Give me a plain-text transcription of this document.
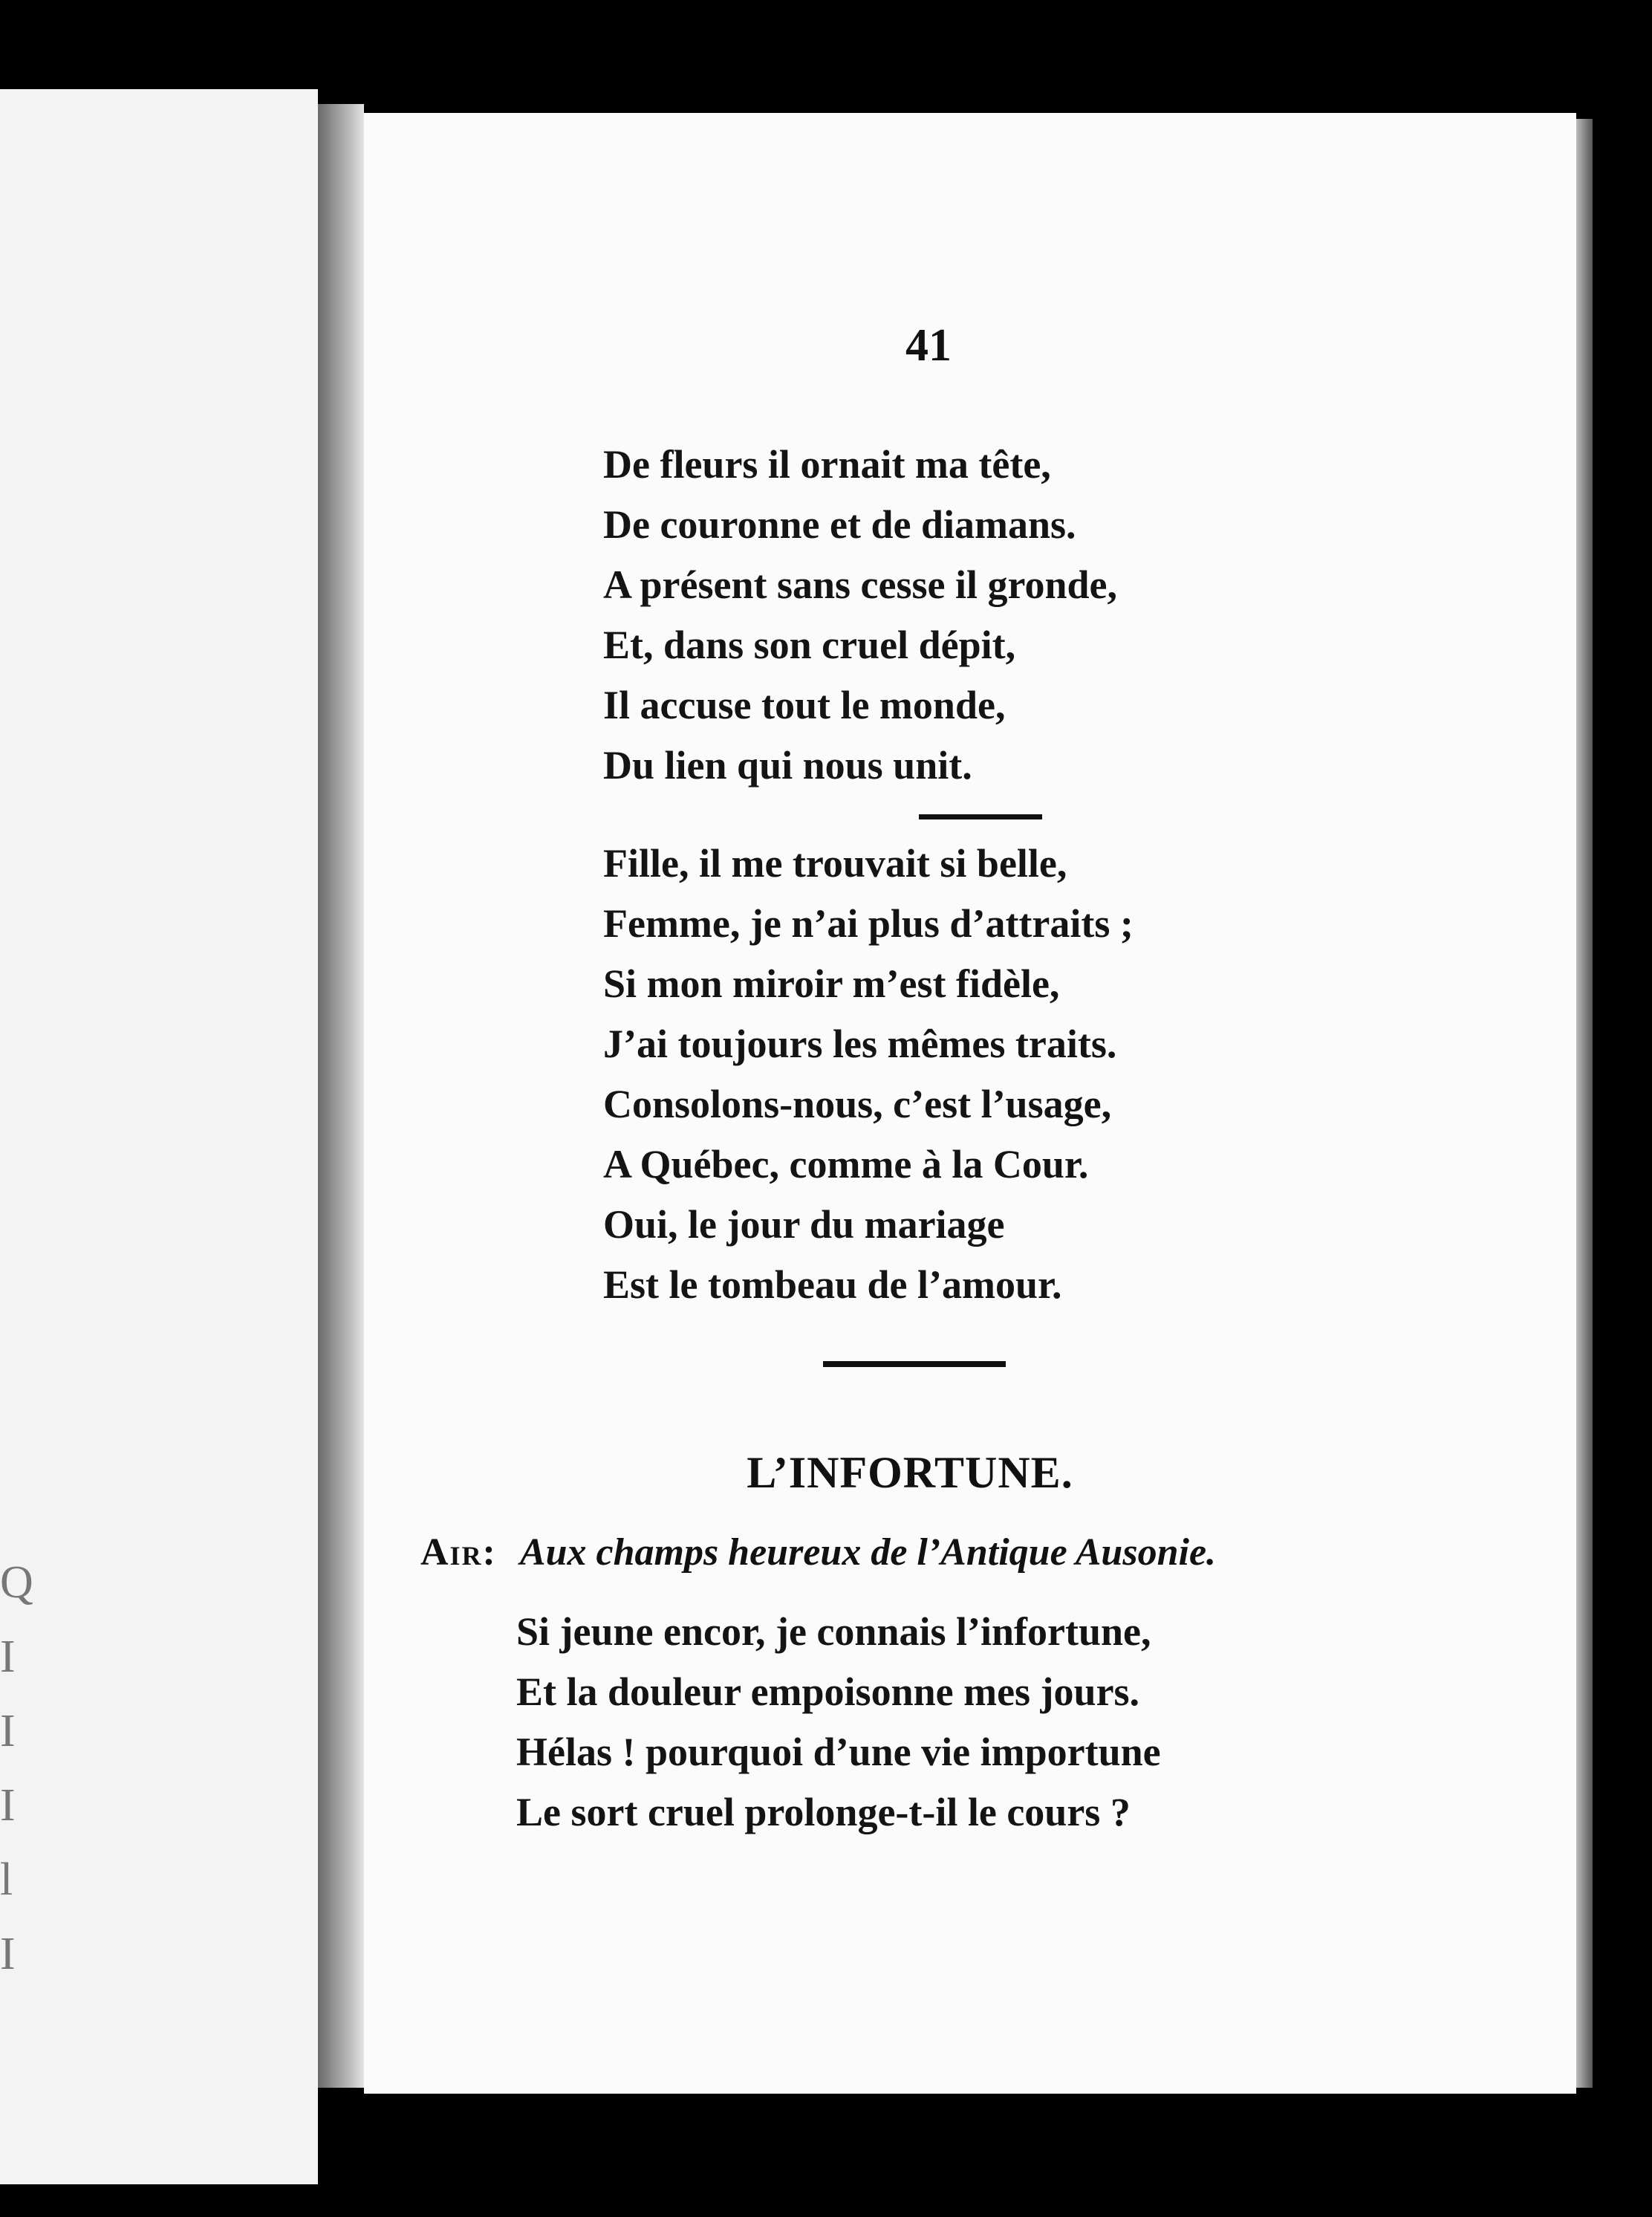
Q
I
I
I
l
I
41
De fleurs il ornait ma tête,
De couronne et de diamans.
A présent sans cesse il gronde,
Et, dans son cruel dépit,
Il accuse tout le monde,
Du lien qui nous unit.
Fille, il me trouvait si belle,
Femme, je n’ai plus d’attraits ;
Si mon miroir m’est fidèle,
J’ai toujours les mêmes traits.
Consolons-nous, c’est l’usage,
A Québec, comme à la Cour.
Oui, le jour du mariage
Est le tombeau de l’amour.
L’INFORTUNE.
Air: Aux champs heureux de l’Antique Ausonie.
Si jeune encor, je connais l’infortune,
Et la douleur empoisonne mes jours.
Hélas ! pourquoi d’une vie importune
Le sort cruel prolonge-t-il le cours ?
